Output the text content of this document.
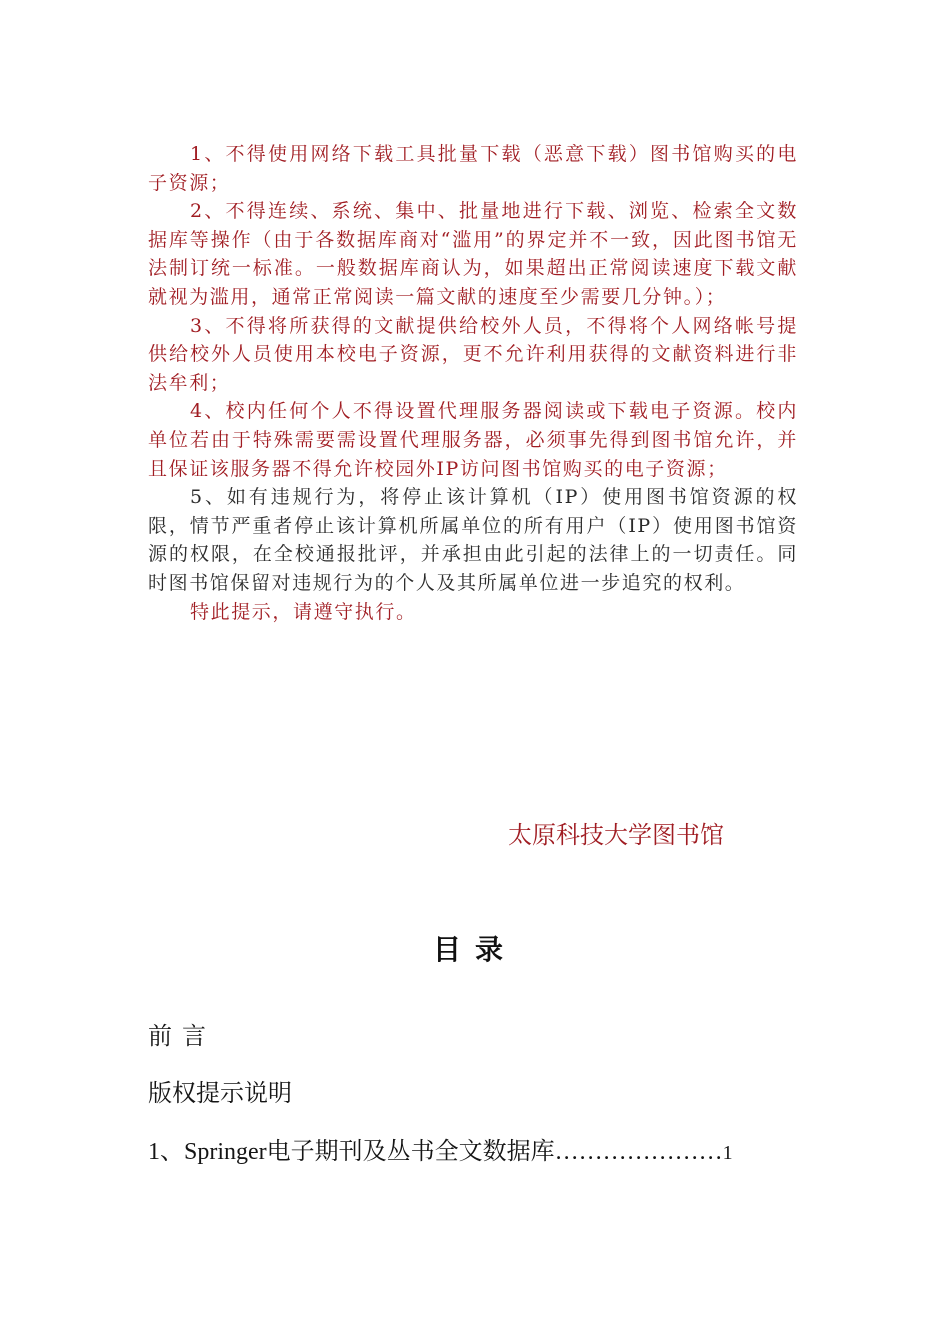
1、不得使用网络下载工具批量下载（恶意下载）图书馆购买的电子资源；

2、不得连续、系统、集中、批量地进行下载、浏览、检索全文数据库等操作（由于各数据库商对“滥用”的界定并不一致，因此图书馆无法制订统一标准。一般数据库商认为，如果超出正常阅读速度下载文献就视为滥用，通常正常阅读一篇文献的速度至少需要几分钟。）；

3、不得将所获得的文献提供给校外人员，不得将个人网络帐号提供给校外人员使用本校电子资源，更不允许利用获得的文献资料进行非法牟利；

4、校内任何个人不得设置代理服务器阅读或下载电子资源。校内单位若由于特殊需要需设置代理服务器，必须事先得到图书馆允许，并且保证该服务器不得允许校园外IP访问图书馆购买的电子资源；

5、如有违规行为，将停止该计算机（IP）使用图书馆资源的权限，情节严重者停止该计算机所属单位的所有用户（IP）使用图书馆资源的权限，在全校通报批评，并承担由此引起的法律上的一切责任。同时图书馆保留对违规行为的个人及其所属单位进一步追究的权利。

特此提示，请遵守执行。

太原科技大学图书馆
目录
前言
版权提示说明
1、Springer电子期刊及丛书全文数据库…………………1
